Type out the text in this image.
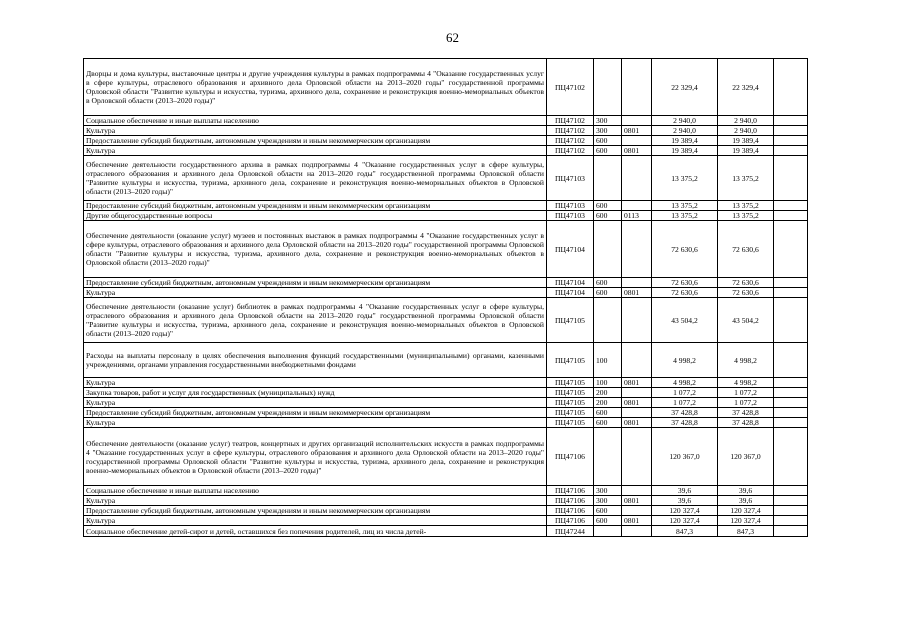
62
Дворцы и дома культуры, выставочные центры и другие учреждения культуры в рамках подпрограммы 4 "Оказание государственных услуг в сфере культуры, отраслевого образования и архивного дела Орловской области на 2013–2020 годы" государственной программы Орловской области "Развитие культуры и искусства, туризма, архивного дела, сохранение и реконструкция военно-мемориальных объектов в Орловской области (2013–2020 годы)"	ПЦ47102			22 329,4	22 329,4	
Социальное обеспечение и иные выплаты населению	ПЦ47102	300		2 940,0	2 940,0	
Культура	ПЦ47102	300	0801	2 940,0	2 940,0	
Предоставление субсидий бюджетным, автономным учреждениям и иным некоммерческим организациям	ПЦ47102	600		19 389,4	19 389,4	
Культура	ПЦ47102	600	0801	19 389,4	19 389,4	
Обеспечение деятельности государственного архива в рамках подпрограммы 4 "Оказание государственных услуг в сфере культуры, отраслевого образования и архивного дела Орловской области на 2013–2020 годы" государственной программы Орловской области "Развитие культуры и искусства, туризма, архивного дела, сохранение и реконструкция военно-мемориальных объектов в Орловской области (2013–2020 годы)"	ПЦ47103			13 375,2	13 375,2	
Предоставление субсидий бюджетным, автономным учреждениям и иным некоммерческим организациям	ПЦ47103	600		13 375,2	13 375,2	
Другие общегосударственные вопросы	ПЦ47103	600	0113	13 375,2	13 375,2	
Обеспечение деятельности (оказание услуг) музеев и постоянных выставок в рамках подпрограммы 4 "Оказание государственных услуг в сфере культуры, отраслевого образования и архивного дела Орловской области на 2013–2020 годы" государственной программы Орловской области "Развитие культуры и искусства, туризма, архивного дела, сохранение и реконструкция военно-мемориальных объектов в Орловской области (2013–2020 годы)"	ПЦ47104			72 630,6	72 630,6	
Предоставление субсидий бюджетным, автономным учреждениям и иным некоммерческим организациям	ПЦ47104	600		72 630,6	72 630,6	
Культура	ПЦ47104	600	0801	72 630,6	72 630,6	
Обеспечение деятельности (оказание услуг) библиотек в рамках подпрограммы 4 "Оказание государственных услуг в сфере культуры, отраслевого образования и архивного дела Орловской области на 2013–2020 годы" государственной программы Орловской области "Развитие культуры и искусства, туризма, архивного дела, сохранение и реконструкция военно-мемориальных объектов в Орловской области (2013–2020 годы)"	ПЦ47105			43 504,2	43 504,2	
Расходы на выплаты персоналу в целях обеспечения выполнения функций государственными (муниципальными) органами, казенными учреждениями, органами управления государственными внебюджетными фондами	ПЦ47105	100		4 998,2	4 998,2	
Культура	ПЦ47105	100	0801	4 998,2	4 998,2	
Закупка товаров, работ и услуг для государственных (муниципальных) нужд	ПЦ47105	200		1 077,2	1 077,2	
Культура	ПЦ47105	200	0801	1 077,2	1 077,2	
Предоставление субсидий бюджетным, автономным учреждениям и иным некоммерческим организациям	ПЦ47105	600		37 428,8	37 428,8	
Культура	ПЦ47105	600	0801	37 428,8	37 428,8	
Обеспечение деятельности (оказание услуг) театров, концертных и других организаций исполнительских искусств в рамках подпрограммы 4 "Оказание государственных услуг в сфере культуры, отраслевого образования и архивного дела Орловской области на 2013–2020 годы" государственной программы Орловской области "Развитие культуры и искусства, туризма, архивного дела, сохранение и реконструкция военно-мемориальных объектов в Орловской области (2013–2020 годы)"	ПЦ47106			120 367,0	120 367,0	
Социальное обеспечение и иные выплаты населению	ПЦ47106	300		39,6	39,6	
Культура	ПЦ47106	300	0801	39,6	39,6	
Предоставление субсидий бюджетным, автономным учреждениям и иным некоммерческим организациям	ПЦ47106	600		120 327,4	120 327,4	
Культура	ПЦ47106	600	0801	120 327,4	120 327,4	
Социальное обеспечение детей-сирот и детей, оставшихся без попечения родителей, лиц из числа детей-	ПЦ47244			847,3	847,3	
